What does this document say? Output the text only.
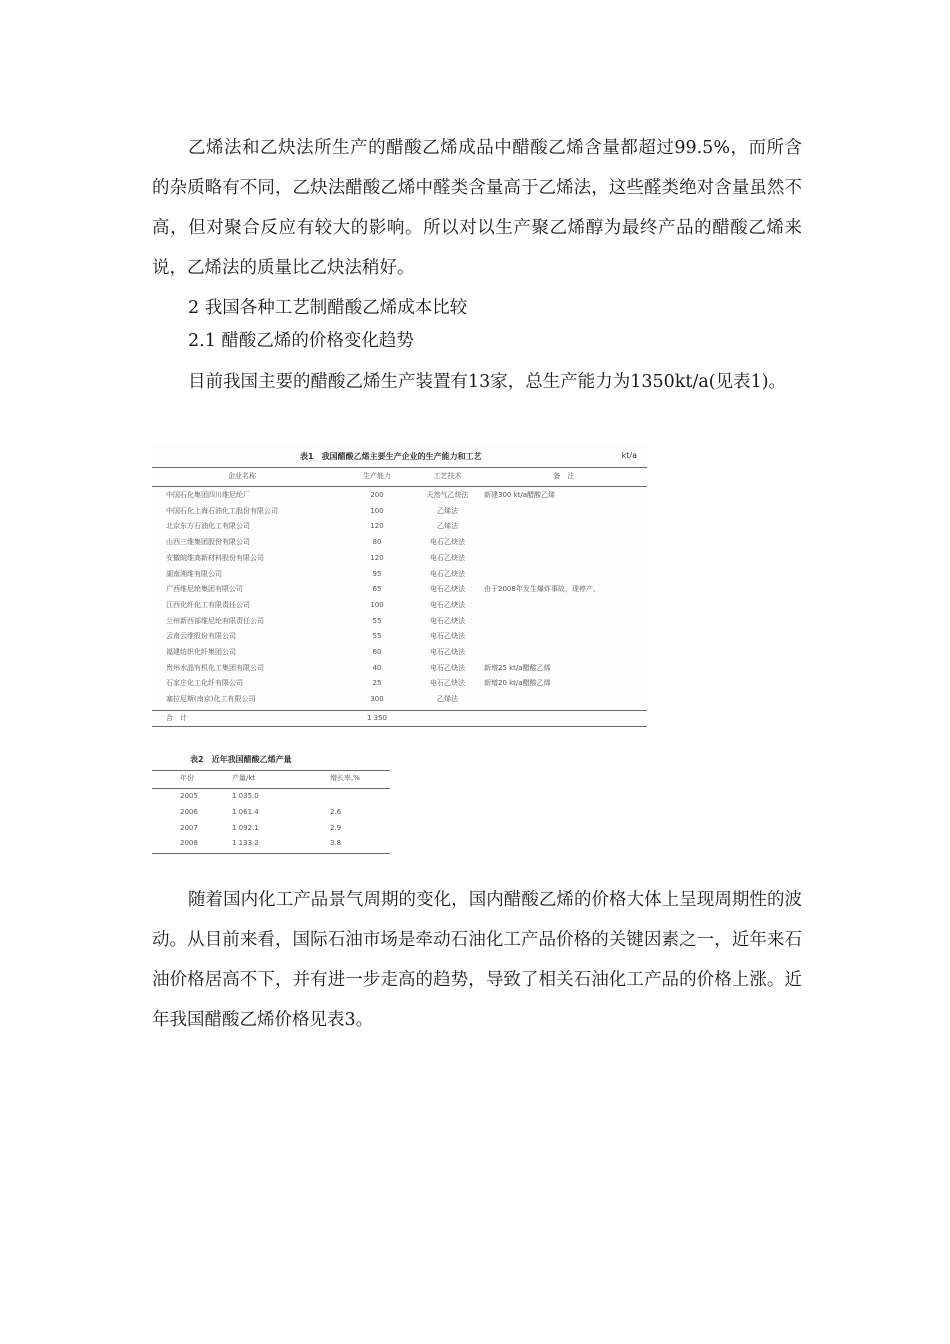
乙烯法和乙炔法所生产的醋酸乙烯成品中醋酸乙烯含量都超过99.5%，而所含的杂质略有不同，乙炔法醋酸乙烯中醛类含量高于乙烯法，这些醛类绝对含量虽然不高，但对聚合反应有较大的影响。所以对以生产聚乙烯醇为最终产品的醋酸乙烯来说，乙烯法的质量比乙炔法稍好。

2 我国各种工艺制醋酸乙烯成本比较
2.1 醋酸乙烯的价格变化趋势

目前我国主要的醋酸乙烯生产装置有13家，总生产能力为1350kt/a(见表1)。

表1　我国醋酸乙烯主要生产企业的生产能力和工艺	kt/a
企业名称	生产能力	工艺技术	备　注
中国石化集团四川维尼纶厂	200	天然气乙炔法	新建300 kt/a醋酸乙烯
中国石化上海石油化工股份有限公司	100	乙烯法
北京东方石油化工有限公司	120	乙烯法
山西三维集团股份有限公司	80	电石乙炔法
安徽皖维高新材料股份有限公司	120	电石乙炔法
湖南湘维有限公司	95	电石乙炔法
广西维尼纶集团有限公司	65	电石乙炔法	由于2008年发生爆炸事故，现停产。
江西化纤化工有限责任公司	100	电石乙炔法
兰州新西部维尼纶有限责任公司	55	电石乙炔法
云南云维股份有限公司	55	电石乙炔法
福建纺织化纤集团公司	60	电石乙炔法
贵州水晶有机化工集团有限公司	40	电石乙炔法	新增25 kt/a醋酸乙烯
石家庄化工化纤有限公司	25	电石乙炔法	新增20 kt/a醋酸乙烯
塞拉尼斯(南京)化工有限公司	300	乙烯法
合　计	1 350
表2　近年我国醋酸乙烯产量
年份	产量/kt	增长率,%
2005	1 035.0
2006	1 061.4	2.6
2007	1 092.1	2.9
2008	1 133.2	3.8

随着国内化工产品景气周期的变化，国内醋酸乙烯的价格大体上呈现周期性的波动。从目前来看，国际石油市场是牵动石油化工产品价格的关键因素之一，近年来石油价格居高不下，并有进一步走高的趋势，导致了相关石油化工产品的价格上涨。近年我国醋酸乙烯价格见表3。
